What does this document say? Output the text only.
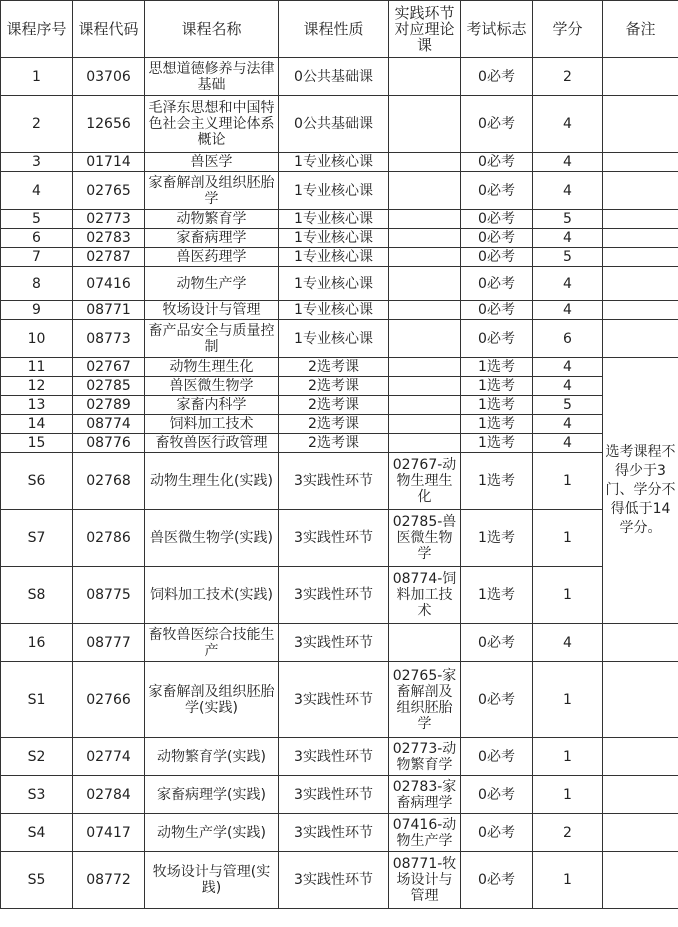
课程序号	课程代码	课程名称	课程性质	实践环节对应理论课	考试标志	学分	备注
1	03706	思想道德修养与法律基础	0公共基础课		0必考	2	
2	12656	毛泽东思想和中国特色社会主义理论体系概论	0公共基础课		0必考	4	
3	01714	兽医学	1专业核心课		0必考	4	
4	02765	家畜解剖及组织胚胎学	1专业核心课		0必考	4	
5	02773	动物繁育学	1专业核心课		0必考	5	
6	02783	家畜病理学	1专业核心课		0必考	4	
7	02787	兽医药理学	1专业核心课		0必考	5	
8	07416	动物生产学	1专业核心课		0必考	4	
9	08771	牧场设计与管理	1专业核心课		0必考	4	
10	08773	畜产品安全与质量控制	1专业核心课		0必考	6	
11	02767	动物生理生化	2选考课		1选考	4	选考课程不得少于3门、学分不得低于14学分。
12	02785	兽医微生物学	2选考课		1选考	4	
13	02789	家畜内科学	2选考课		1选考	5	
14	08774	饲料加工技术	2选考课		1选考	4	
15	08776	畜牧兽医行政管理	2选考课		1选考	4	
S6	02768	动物生理生化(实践)	3实践性环节	02767-动物生理生化	1选考	1	
S7	02786	兽医微生物学(实践)	3实践性环节	02785-兽医微生物学	1选考	1	
S8	08775	饲料加工技术(实践)	3实践性环节	08774-饲料加工技术	1选考	1	
16	08777	畜牧兽医综合技能生产	3实践性环节		0必考	4	
S1	02766	家畜解剖及组织胚胎学(实践)	3实践性环节	02765-家畜解剖及组织胚胎学	0必考	1	
S2	02774	动物繁育学(实践)	3实践性环节	02773-动物繁育学	0必考	1	
S3	02784	家畜病理学(实践)	3实践性环节	02783-家畜病理学	0必考	1	
S4	07417	动物生产学(实践)	3实践性环节	07416-动物生产学	0必考	2	
S5	08772	牧场设计与管理(实践)	3实践性环节	08771-牧场设计与管理	0必考	1	
